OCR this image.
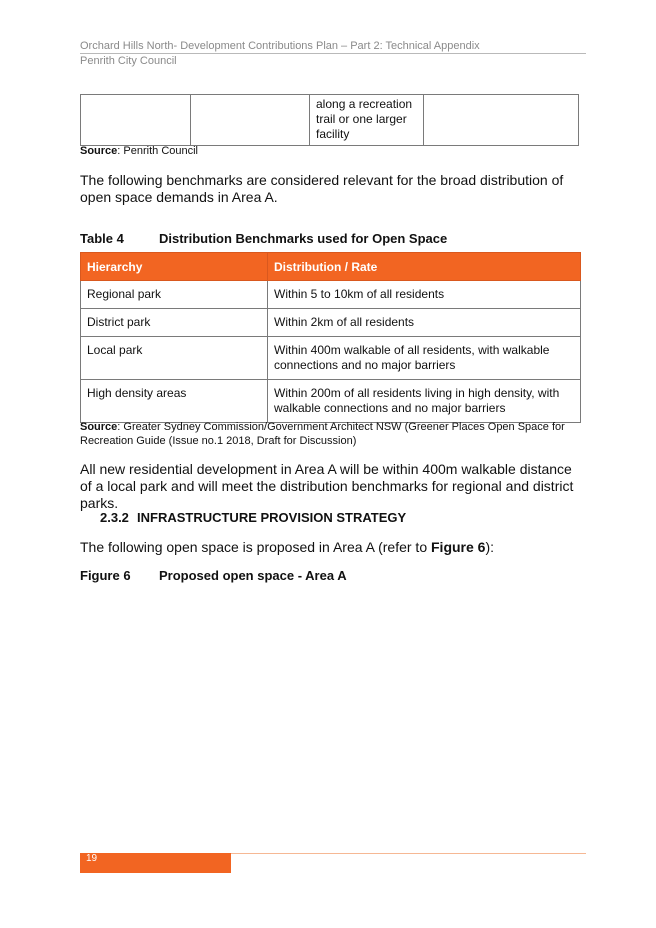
Orchard Hills North- Development Contributions Plan – Part 2: Technical Appendix
Penrith City Council
		along a recreation trail or one larger facility	
Source: Penrith Council

The following benchmarks are considered relevant for the broad distribution of open space demands in Area A.

Table 4	Distribution Benchmarks used for Open Space
Hierarchy	Distribution / Rate
Regional park	Within 5 to 10km of all residents
District park	Within 2km of all residents
Local park	Within 400m walkable of all residents, with walkable connections and no major barriers
High density areas	Within 200m of all residents living in high density, with walkable connections and no major barriers
Source: Greater Sydney Commission/Government Architect NSW (Greener Places Open Space for Recreation Guide (Issue no.1 2018, Draft for Discussion)

All new residential development in Area A will be within 400m walkable distance of a local park and will meet the distribution benchmarks for regional and district parks.

2.3.2 INFRASTRUCTURE PROVISION STRATEGY

The following open space is proposed in Area A (refer to Figure 6):

Figure 6 Proposed open space - Area A
19
